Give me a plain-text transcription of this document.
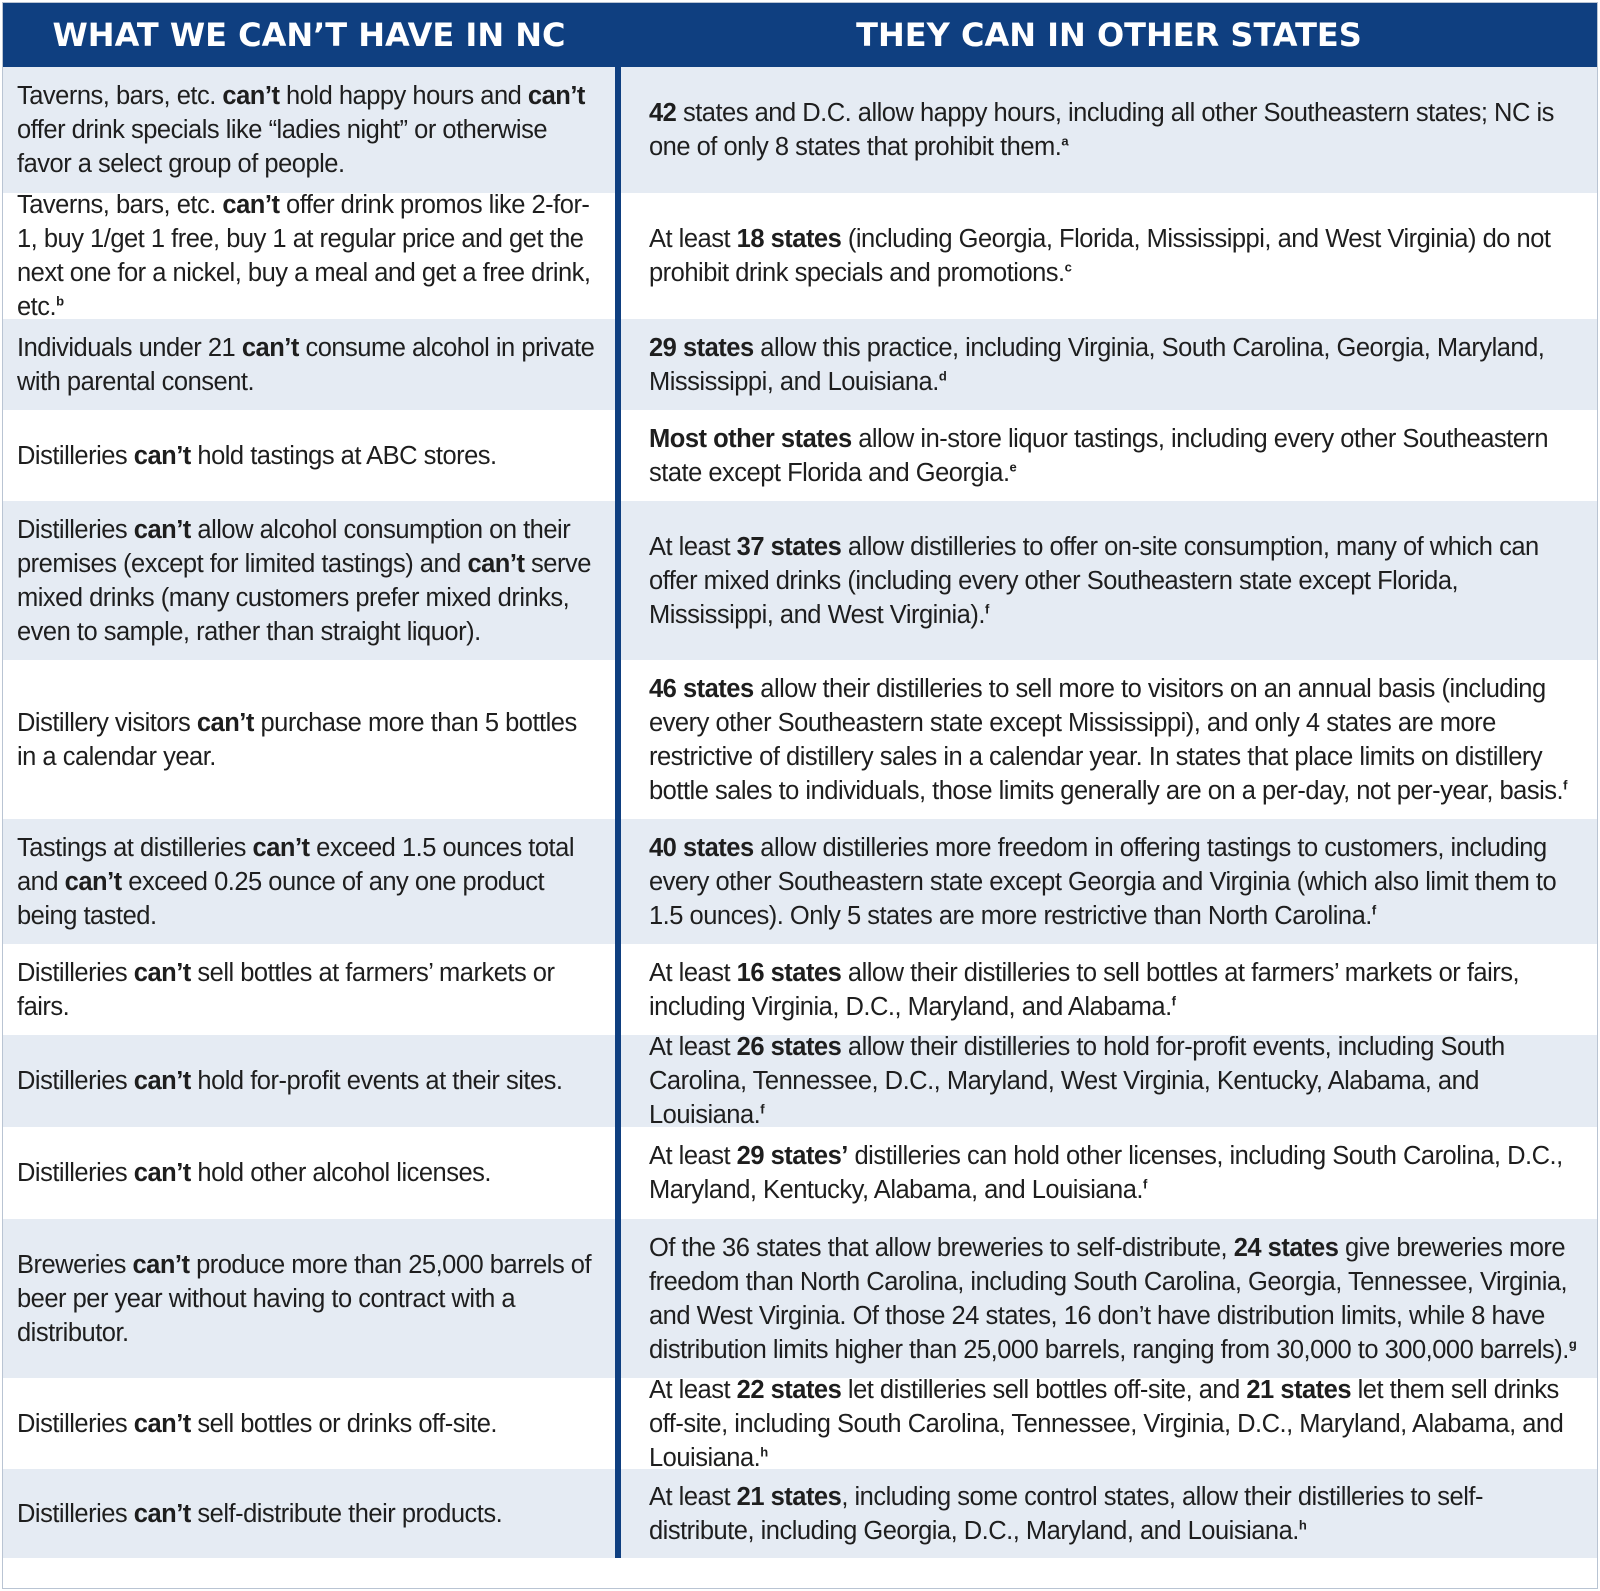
WHAT WE CAN’T HAVE IN NC	THEY CAN IN OTHER STATES
Taverns, bars, etc. can’t hold happy hours and can’t offer drink specials like “ladies night” or otherwise favor a select group of people.
42 states and D.C. allow happy hours, including all other Southeastern states; NC is one of only 8 states that prohibit them.$^a$
Taverns, bars, etc. can’t offer drink promos like 2-for-1, buy 1/get 1 free, buy 1 at regular price and get the next one for a nickel, buy a meal and get a free drink, etc.$^b$
At least 18 states (including Georgia, Florida, Mississippi, and West Virginia) do not prohibit drink specials and promotions.$^c$
Individuals under 21 can’t consume alcohol in private with parental consent.
29 states allow this practice, including Virginia, South Carolina, Georgia, Maryland, Mississippi, and Louisiana.$^d$
Distilleries can’t hold tastings at ABC stores.
Most other states allow in-store liquor tastings, including every other Southeastern state except Florida and Georgia.$^e$
Distilleries can’t allow alcohol consumption on their premises (except for limited tastings) and can’t serve mixed drinks (many customers prefer mixed drinks, even to sample, rather than straight liquor).
At least 37 states allow distilleries to offer on-site consumption, many of which can offer mixed drinks (including every other Southeastern state except Florida, Mississippi, and West Virginia).$^f$
Distillery visitors can’t purchase more than 5 bottles in a calendar year.
46 states allow their distilleries to sell more to visitors on an annual basis (including every other Southeastern state except Mississippi), and only 4 states are more restrictive of distillery sales in a calendar year. In states that place limits on distillery bottle sales to individuals, those limits generally are on a per-day, not per-year, basis.$^f$
Tastings at distilleries can’t exceed 1.5 ounces total and can’t exceed 0.25 ounce of any one product being tasted.
40 states allow distilleries more freedom in offering tastings to customers, including every other Southeastern state except Georgia and Virginia (which also limit them to 1.5 ounces). Only 5 states are more restrictive than North Carolina.$^f$
Distilleries can’t sell bottles at farmers’ markets or fairs.
At least 16 states allow their distilleries to sell bottles at farmers’ markets or fairs, including Virginia, D.C., Maryland, and Alabama.$^f$
Distilleries can’t hold for-profit events at their sites.
At least 26 states allow their distilleries to hold for-profit events, including South Carolina, Tennessee, D.C., Maryland, West Virginia, Kentucky, Alabama, and Louisiana.$^f$
Distilleries can’t hold other alcohol licenses.
At least 29 states’ distilleries can hold other licenses, including South Carolina, D.C., Maryland, Kentucky, Alabama, and Louisiana.$^f$
Breweries can’t produce more than 25,000 barrels of beer per year without having to contract with a distributor.
Of the 36 states that allow breweries to self-distribute, 24 states give breweries more freedom than North Carolina, including South Carolina, Georgia, Tennessee, Virginia, and West Virginia. Of those 24 states, 16 don’t have distribution limits, while 8 have distribution limits higher than 25,000 barrels, ranging from 30,000 to 300,000 barrels).$^g$
Distilleries can’t sell bottles or drinks off-site.
At least 22 states let distilleries sell bottles off-site, and 21 states let them sell drinks off-site, including South Carolina, Tennessee, Virginia, D.C., Maryland, Alabama, and Louisiana.$^h$
Distilleries can’t self-distribute their products.
At least 21 states, including some control states, allow their distilleries to self-distribute, including Georgia, D.C., Maryland, and Louisiana.$^h$
